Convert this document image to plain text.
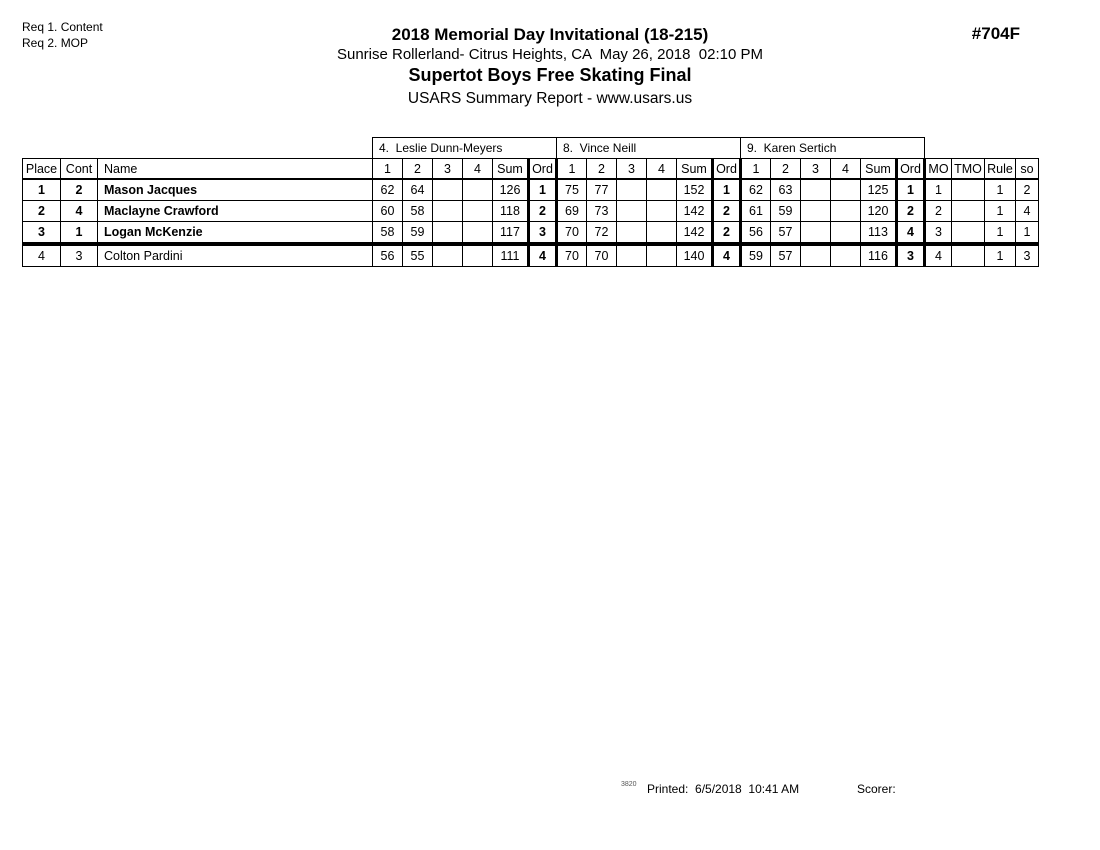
Req 1. Content
Req 2. MOP	2018 Memorial Day Invitational (18-215)
Sunrise Rollerland- Citrus Heights, CA  May 26, 2018  02:10 PM
Supertot Boys Free Skating Final
USARS Summary Report - www.usars.us
#704F
			4.  Leslie Dunn-Meyers						8.  Vince Neill						9.  Karen Sertich									
Place	Cont	Name	1	2	3	4	Sum	Ord	1	2	3	4	Sum	Ord	1	2	3	4	Sum	Ord	MO	TMO	Rule	so
1	2	Mason Jacques	62	64			126	1	75	77			152	1	62	63			125	1	1		1	2
2	4	Maclayne Crawford	60	58			118	2	69	73			142	2	61	59			120	2	2		1	4
3	1	Logan McKenzie	58	59			117	3	70	72			142	2	56	57			113	4	3		1	1
4	3	Colton Pardini	56	55			111	4	70	70			140	4	59	57			116	3	4		1	3
3820 Printed:  6/5/2018  10:41 AM	Scorer:
